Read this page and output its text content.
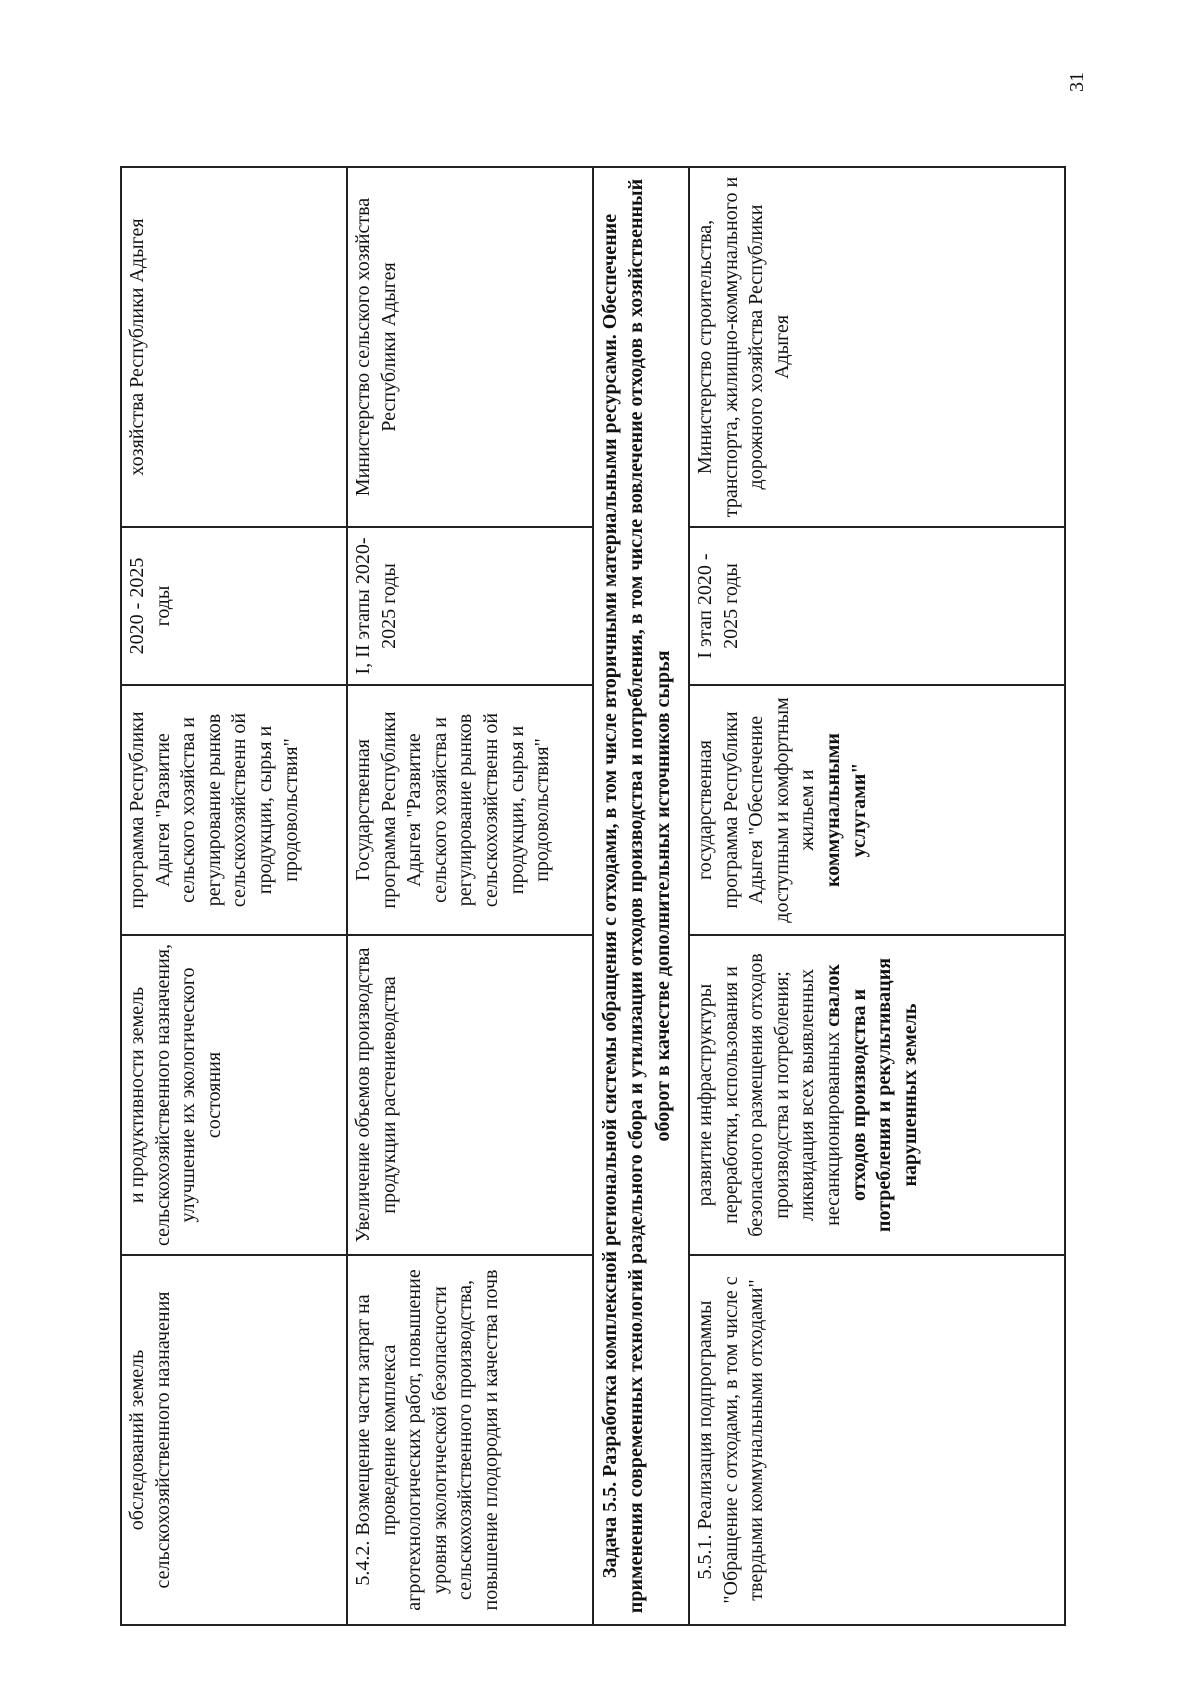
31
обследований земель сельскохозяйственного назначения	и продуктивности земель сельскохозяйственного назначения, улучшение их экологического состояния	программа Республики Адыгея "Развитие сельского хозяйства и регулирование рынков сельскохозяйственн ой продукции, сырья и продовольствия"	2020 - 2025 годы	хозяйства Республики Адыгея
5.4.2. Возмещение части затрат на проведение комплекса агротехнологических работ, повышение уровня экологической безопасности сельскохозяйственного производства, повышение плодородия и качества почв	Увеличение объемов производства продукции растениеводства	Государственная программа Республики Адыгея "Развитие сельского хозяйства и регулирование рынков сельскохозяйственн ой продукции, сырья и продовольствия"	I, II этапы 2020-2025 годы	Министерство сельского хозяйства Республики Адыгея
Задача 5.5. Разработка комплексной региональной системы обращения с отходами, в том числе вторичными материальными ресурсами. Обеспечение применения современных технологий раздельного сбора и утилизации отходов производства и потребления, в том числе вовлечение отходов в хозяйственный оборот в качестве дополнительных источников сырья				
5.5.1. Реализация подпрограммы "Обращение с отходами, в том числе с твердыми коммунальными отходами"	развитие инфраструктуры переработки, использования и безопасного размещения отходов производства и потребления; ликвидация всех выявленных несанкционированных свалок отходов производства и потребления и рекультивация нарушенных земель	государственная программа Республики Адыгея "Обеспечение доступным и комфортным жильем и коммунальными услугами"	I этап 2020 - 2025 годы	Министерство строительства, транспорта, жилищно-коммунального и дорожного хозяйства Республики Адыгея
